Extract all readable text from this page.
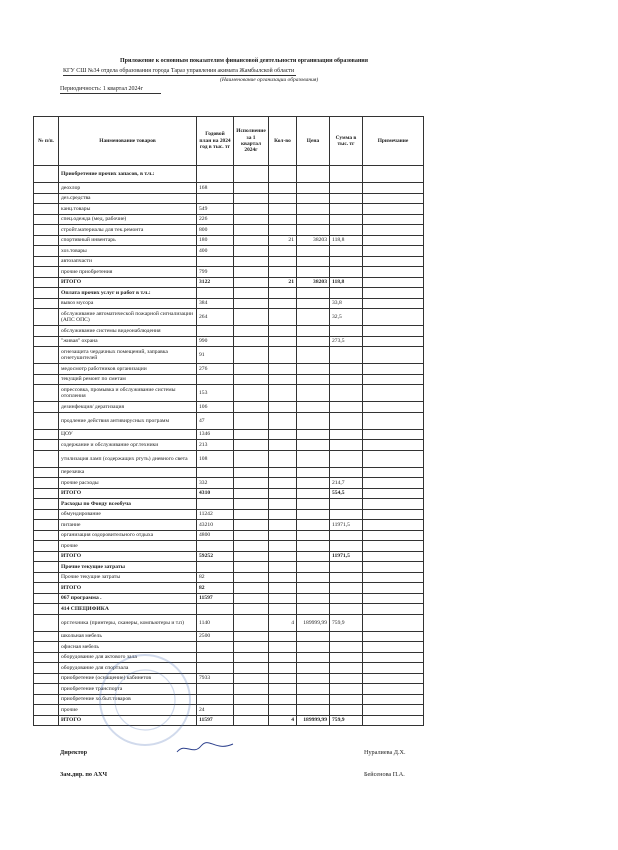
Приложение к основным показателям финансовой деятельности организации образования
КГУ СШ №34 отдела образования города Тараз управления акимата Жамбылской области
(Наименование организации образования)
Периодичность: 1 квартал 2024г
№ п/п.	Наименование товаров	Годовой план на 2024 год в тыс. тг	Исполнение за 1 квартал 2024г	Кол-во	Цена	Сумма в тыс. тг	Примечание
	Приобретение прочих запасов, в т.ч.:						
	деохлор	168					
	дез.средства						
	канц.товары	549					
	спец.одежда (мед, рабочие)	226					
	стройт.материалы для тек.ремонта	800					
	спортивный инвентарь	180		21	38203	118,8	
	хоз.товары	400					
	автозапчасти						
	прочие приобретения	799					
	ИТОГО	3122		21	38203	118,8	
	Оплата прочих услуг и работ в т.ч.:						
	вывоз мусора	384				33,8	
	обслуживание автоматической пожарной сигнализации (АПС ОПС)	264				32,5	
	обслуживание системы видеонаблюдения						
	"живая" охрана	990				273,5	
	огнезащита чердачных помещений, заправка огнетушителей	91					
	медосмотр работников организации	276					
	текущий ремонт по сметам						
	опрессовка, промывка и обслуживание системы отопления	153					
	дезинфекция/ дератизация	106					
	продление действия антивирусных программ	47					
	ЦОУ	1346					
	содержание и обслуживание орг.техники	213					
	утилизация ламп (содержащих ртуть) дневного света	108					
	перезачка						
	прочие расходы	332				214,7	
	ИТОГО	4310				554,5	
	Расходы по Фонду всеобуча						
	обмундирование	11242					
	питание	43210				11971,5	
	организация оздоровительного отдыха	4800					
	прочие						
	ИТОГО	59252				11971,5	
	Прочие текущие затраты						
	Прочие текущие затраты	82					
	ИТОГО	82					
	067 программа .	11597					
	414 СПЕЦИФИКА						
	орг.техника (принтеры, сканеры, компьютеры и т.п)	1140		4	189999,99	759,9	
	школьная мебель	2500					
	офисная мебель						
	оборудование для актового зала						
	оборудование для спортзала						
	приобретение (оснащение) кабинетов	7933					
	приобретение транспорта						
	приобретение хо.быт.товаров						
	прочие	24					
	ИТОГО	11597		4	189999,99	759,9	
Директор	Нуралиева Д.Х.
Зам.дир. по АХЧ	Бейсенова П.А.
